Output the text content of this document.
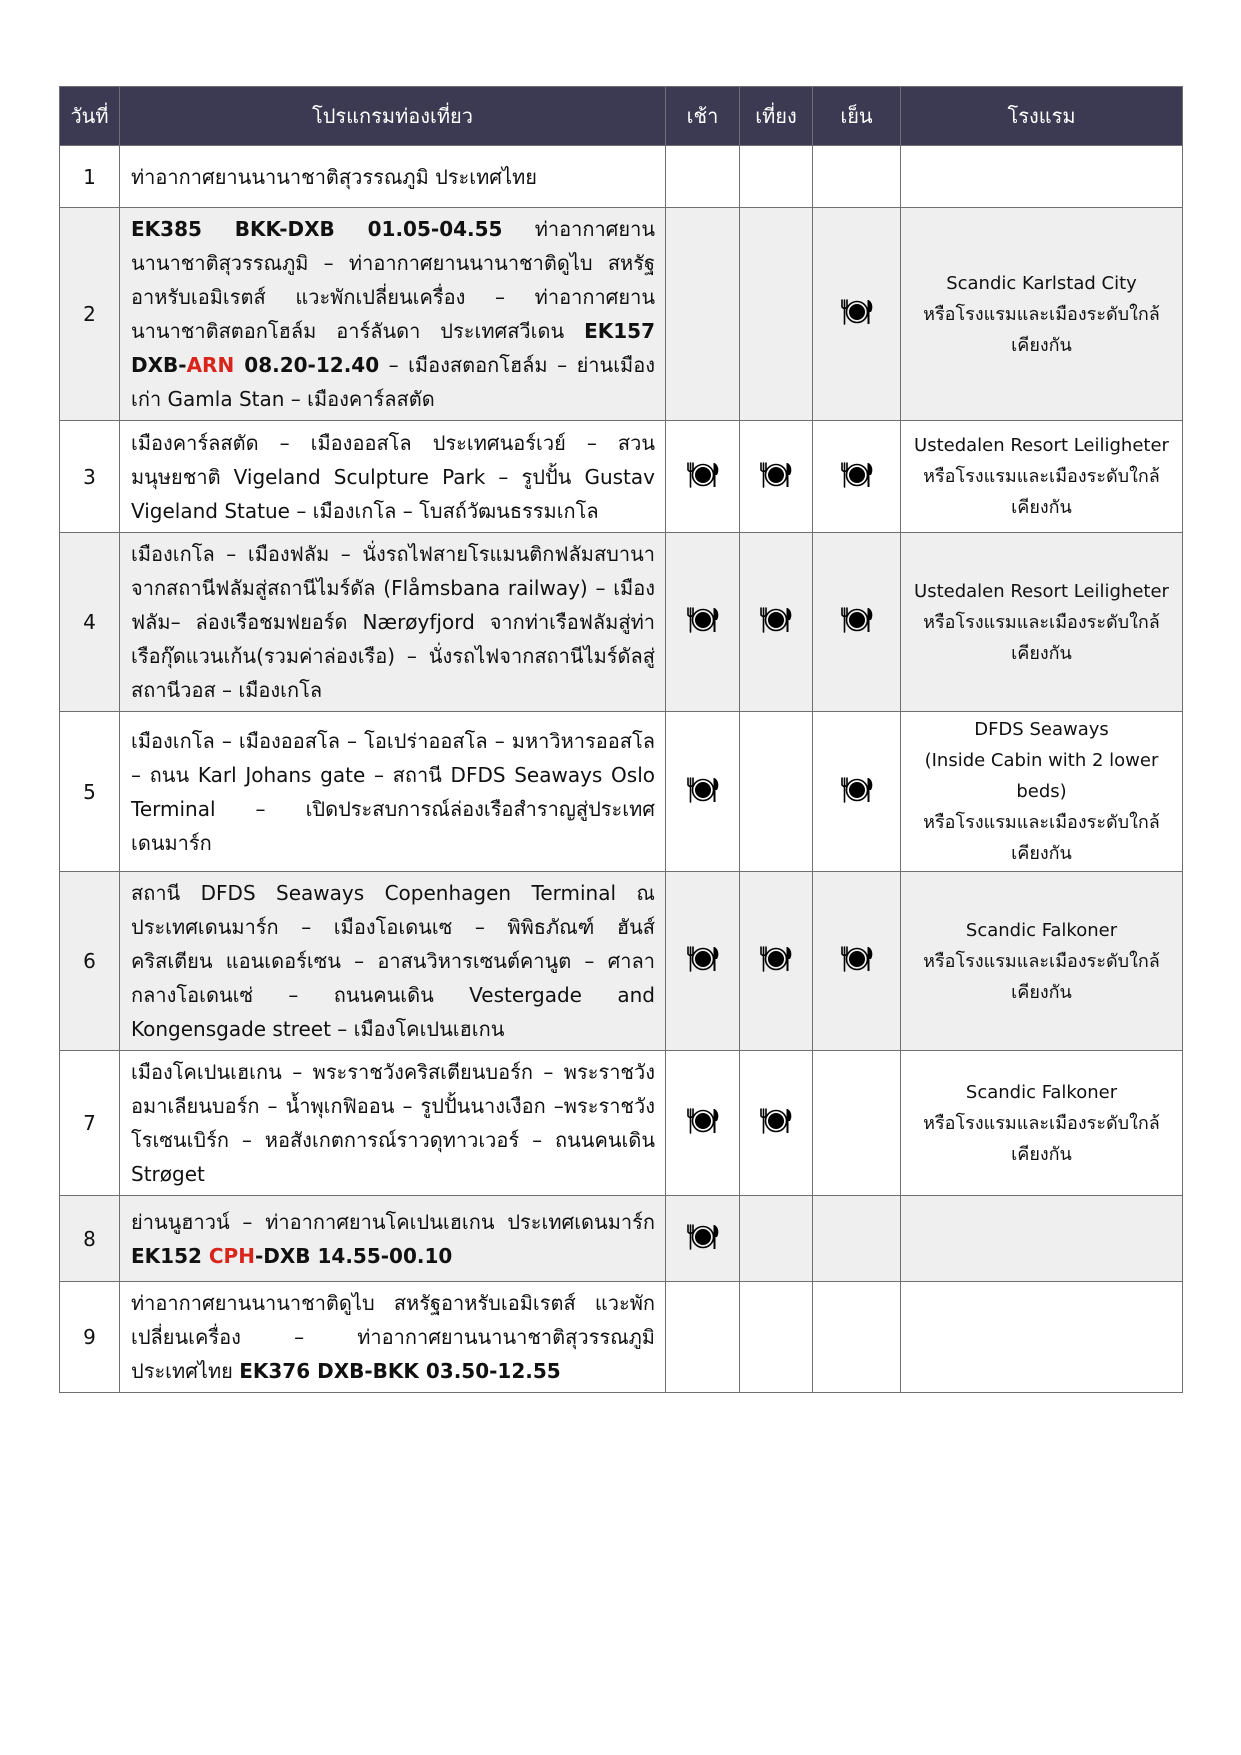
วันที่	โปรแกรมท่องเที่ยว	เช้า	เที่ยง	เย็น	โรงแรม
1	ท่าอากาศยานนานาชาติสุวรรณภูมิ ประเทศไทย				
2	EK385 BKK-DXB 01.05-04.55 ท่าอากาศยานนานาชาติสุวรรณภูมิ – ท่าอากาศยานนานาชาติดูไบ สหรัฐอาหรับเอมิเรตส์ แวะพักเปลี่ยนเครื่อง – ท่าอากาศยานนานาชาติสตอกโฮล์ม อาร์ลันดา ประเทศสวีเดน EK157 DXB-ARN 08.20-12.40 – เมืองสตอกโฮล์ม – ย่านเมืองเก่า Gamla Stan – เมืองคาร์ลสตัด				Scandic Karlstad City
หรือโรงแรมและเมืองระดับใกล้เคียงกัน

3	เมืองคาร์ลสตัด – เมืองออสโล ประเทศนอร์เวย์ – สวนมนุษยชาติ Vigeland Sculpture Park – รูปปั้น Gustav Vigeland Statue – เมืองเกโล – โบสถ์วัฒนธรรมเกโล				Ustedalen Resort Leiligheter
หรือโรงแรมและเมืองระดับใกล้เคียงกัน

4	เมืองเกโล – เมืองฟลัม – นั่งรถไฟสายโรแมนติกฟลัมสบานา จากสถานีฟลัมสู่สถานีไมร์ดัล (Flåmsbana railway) – เมืองฟลัม– ล่องเรือชมฟยอร์ด Nærøyfjord จากท่าเรือฟลัมสู่ท่าเรือกุ๊ดแวนเก้น(รวมค่าล่องเรือ) – นั่งรถไฟจากสถานีไมร์ดัลสู่สถานีวอส – เมืองเกโล				Ustedalen Resort Leiligheter
หรือโรงแรมและเมืองระดับใกล้เคียงกัน

5	เมืองเกโล – เมืองออสโล – โอเปร่าออสโล – มหาวิหารออสโล – ถนน Karl Johans gate – สถานี DFDS Seaways Oslo Terminal – เปิดประสบการณ์ล่องเรือสำราญสู่ประเทศเดนมาร์ก				DFDS Seaways
(Inside Cabin with 2 lower beds)
หรือโรงแรมและเมืองระดับใกล้เคียงกัน

6	สถานี DFDS Seaways Copenhagen Terminal ณ ประเทศเดนมาร์ก – เมืองโอเดนเซ – พิพิธภัณฑ์ ฮันส์ คริสเตียน แอนเดอร์เซน – อาสนวิหารเซนต์คานูต – ศาลากลางโอเดนเซ่ – ถนนคนเดิน Vestergade and Kongensgade street – เมืองโคเปนเฮเกน				Scandic Falkoner
หรือโรงแรมและเมืองระดับใกล้เคียงกัน

7	เมืองโคเปนเฮเกน – พระราชวังคริสเตียนบอร์ก – พระราชวังอมาเลียนบอร์ก – น้ำพุเกฟิออน – รูปปั้นนางเงือก –พระราชวังโรเซนเบิร์ก – หอสังเกตการณ์ราวดุทาวเวอร์ – ถนนคนเดิน Strøget				Scandic Falkoner
หรือโรงแรมและเมืองระดับใกล้เคียงกัน

8	ย่านนูฮาวน์ – ท่าอากาศยานโคเปนเฮเกน ประเทศเดนมาร์ก EK152 CPH-DXB 14.55-00.10	

9	ท่าอากาศยานนานาชาติดูไบ สหรัฐอาหรับเอมิเรตส์ แวะพักเปลี่ยนเครื่อง – ท่าอากาศยานนานาชาติสุวรรณภูมิ ประเทศไทย EK376 DXB-BKK 03.50-12.55				
